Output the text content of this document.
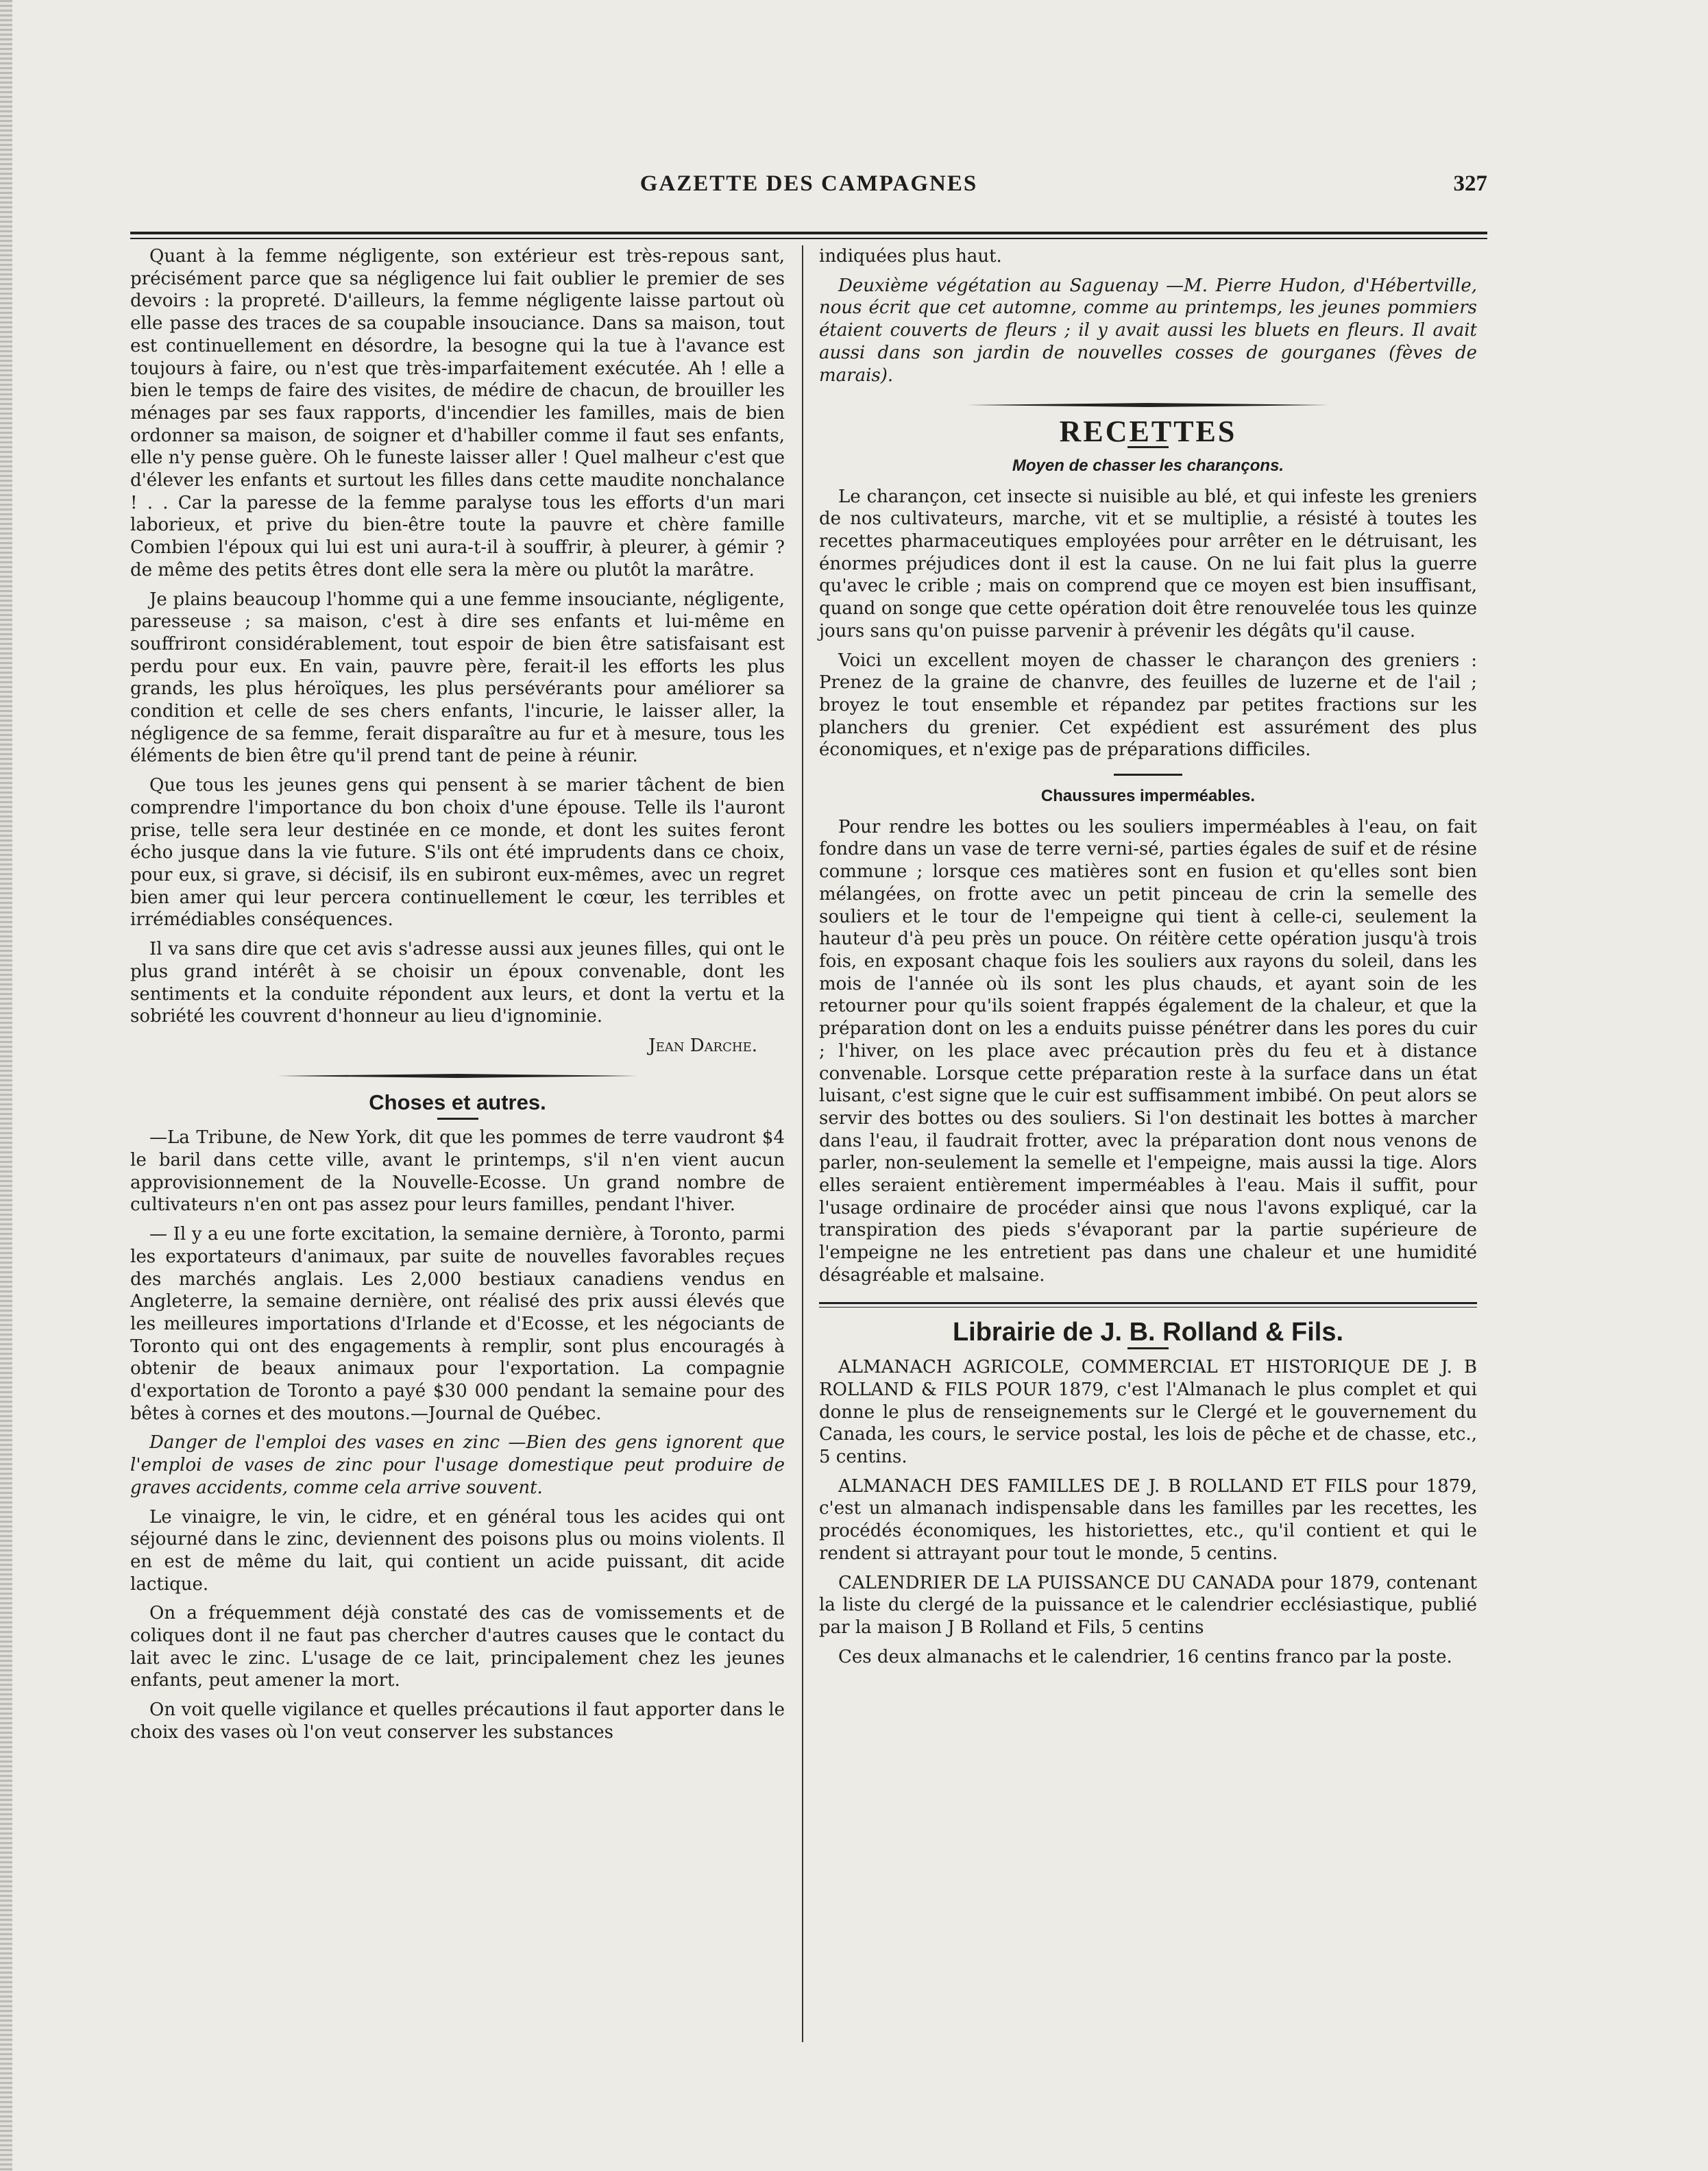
GAZETTE DES CAMPAGNES	327

Quant à la femme négligente, son extérieur est très-repous sant, précisément parce que sa négligence lui fait oublier le premier de ses devoirs : la propreté. D'ailleurs, la femme négligente laisse partout où elle passe des traces de sa coupable insouciance. Dans sa maison, tout est continuellement en désordre, la besogne qui la tue à l'avance est toujours à faire, ou n'est que très-imparfaitement exécutée. Ah ! elle a bien le temps de faire des visites, de médire de chacun, de brouiller les ménages par ses faux rapports, d'incendier les familles, mais de bien ordonner sa maison, de soigner et d'habiller comme il faut ses enfants, elle n'y pense guère. Oh le funeste laisser aller ! Quel malheur c'est que d'élever les enfants et surtout les filles dans cette maudite nonchalance ! . . Car la paresse de la femme paralyse tous les efforts d'un mari laborieux, et prive du bien-être toute la pauvre et chère famille Combien l'époux qui lui est uni aura-t-il à souffrir, à pleurer, à gémir ? de même des petits êtres dont elle sera la mère ou plutôt la marâtre.

Je plains beaucoup l'homme qui a une femme insouciante, négligente, paresseuse ; sa maison, c'est à dire ses enfants et lui-même en souffriront considérablement, tout espoir de bien être satisfaisant est perdu pour eux. En vain, pauvre père, ferait-il les efforts les plus grands, les plus héroïques, les plus persévérants pour améliorer sa condition et celle de ses chers enfants, l'incurie, le laisser aller, la négligence de sa femme, ferait disparaître au fur et à mesure, tous les éléments de bien être qu'il prend tant de peine à réunir.

Que tous les jeunes gens qui pensent à se marier tâchent de bien comprendre l'importance du bon choix d'une épouse. Telle ils l'auront prise, telle sera leur destinée en ce monde, et dont les suites feront écho jusque dans la vie future. S'ils ont été imprudents dans ce choix, pour eux, si grave, si décisif, ils en subiront eux-mêmes, avec un regret bien amer qui leur percera continuellement le cœur, les terribles et irrémédiables conséquences.

Il va sans dire que cet avis s'adresse aussi aux jeunes filles, qui ont le plus grand intérêt à se choisir un époux convenable, dont les sentiments et la conduite répondent aux leurs, et dont la vertu et la sobriété les couvrent d'honneur au lieu d'ignominie.

Jean Darche.

Choses et autres.

—La Tribune, de New York, dit que les pommes de terre vaudront $4 le baril dans cette ville, avant le printemps, s'il n'en vient aucun approvisionnement de la Nouvelle-Ecosse. Un grand nombre de cultivateurs n'en ont pas assez pour leurs familles, pendant l'hiver.

— Il y a eu une forte excitation, la semaine dernière, à Toronto, parmi les exportateurs d'animaux, par suite de nouvelles favorables reçues des marchés anglais. Les 2,000 bestiaux canadiens vendus en Angleterre, la semaine dernière, ont réalisé des prix aussi élevés que les meilleures importations d'Irlande et d'Ecosse, et les négociants de Toronto qui ont des engagements à remplir, sont plus encouragés à obtenir de beaux animaux pour l'exportation. La compagnie d'exportation de Toronto a payé $30 000 pendant la semaine pour des bêtes à cornes et des moutons.—Journal de Québec.

Danger de l'emploi des vases en zinc —Bien des gens ignorent que l'emploi de vases de zinc pour l'usage domestique peut produire de graves accidents, comme cela arrive souvent.

Le vinaigre, le vin, le cidre, et en général tous les acides qui ont séjourné dans le zinc, deviennent des poisons plus ou moins violents. Il en est de même du lait, qui contient un acide puissant, dit acide lactique.

On a fréquemment déjà constaté des cas de vomissements et de coliques dont il ne faut pas chercher d'autres causes que le contact du lait avec le zinc. L'usage de ce lait, principalement chez les jeunes enfants, peut amener la mort.

On voit quelle vigilance et quelles précautions il faut apporter dans le choix des vases où l'on veut conserver les substances

indiquées plus haut.

Deuxième végétation au Saguenay —M. Pierre Hudon, d'Hébertville, nous écrit que cet automne, comme au printemps, les jeunes pommiers étaient couverts de fleurs ; il y avait aussi les bluets en fleurs. Il avait aussi dans son jardin de nouvelles cosses de gourganes (fèves de marais).

RECETTES
Moyen de chasser les charançons.

Le charançon, cet insecte si nuisible au blé, et qui infeste les greniers de nos cultivateurs, marche, vit et se multiplie, a résisté à toutes les recettes pharmaceutiques employées pour arrêter en le détruisant, les énormes préjudices dont il est la cause. On ne lui fait plus la guerre qu'avec le crible ; mais on comprend que ce moyen est bien insuffisant, quand on songe que cette opération doit être renouvelée tous les quinze jours sans qu'on puisse parvenir à prévenir les dégâts qu'il cause.

Voici un excellent moyen de chasser le charançon des greniers : Prenez de la graine de chanvre, des feuilles de luzerne et de l'ail ; broyez le tout ensemble et répandez par petites fractions sur les planchers du grenier. Cet expédient est assurément des plus économiques, et n'exige pas de préparations difficiles.

Chaussures imperméables.

Pour rendre les bottes ou les souliers imperméables à l'eau, on fait fondre dans un vase de terre verni-sé, parties égales de suif et de résine commune ; lorsque ces matières sont en fusion et qu'elles sont bien mélangées, on frotte avec un petit pinceau de crin la semelle des souliers et le tour de l'empeigne qui tient à celle-ci, seulement la hauteur d'à peu près un pouce. On réitère cette opération jusqu'à trois fois, en exposant chaque fois les souliers aux rayons du soleil, dans les mois de l'année où ils sont les plus chauds, et ayant soin de les retourner pour qu'ils soient frappés également de la chaleur, et que la préparation dont on les a enduits puisse pénétrer dans les pores du cuir ; l'hiver, on les place avec précaution près du feu et à distance convenable. Lorsque cette préparation reste à la surface dans un état luisant, c'est signe que le cuir est suffisamment imbibé. On peut alors se servir des bottes ou des souliers. Si l'on destinait les bottes à marcher dans l'eau, il faudrait frotter, avec la préparation dont nous venons de parler, non-seulement la semelle et l'empeigne, mais aussi la tige. Alors elles seraient entièrement imperméables à l'eau. Mais il suffit, pour l'usage ordinaire de procéder ainsi que nous l'avons expliqué, car la transpiration des pieds s'évaporant par la partie supérieure de l'empeigne ne les entretient pas dans une chaleur et une humidité désagréable et malsaine.

Librairie de J. B. Rolland & Fils.

ALMANACH AGRICOLE, COMMERCIAL ET HISTORIQUE DE J. B ROLLAND & FILS POUR 1879, c'est l'Almanach le plus complet et qui donne le plus de renseignements sur le Clergé et le gouvernement du Canada, les cours, le service postal, les lois de pêche et de chasse, etc., 5 centins.

ALMANACH DES FAMILLES DE J. B ROLLAND ET FILS pour 1879, c'est un almanach indispensable dans les familles par les recettes, les procédés économiques, les historiettes, etc., qu'il contient et qui le rendent si attrayant pour tout le monde, 5 centins.

CALENDRIER DE LA PUISSANCE DU CANADA pour 1879, contenant la liste du clergé de la puissance et le calendrier ecclésiastique, publié par la maison J B Rolland et Fils, 5 centins

Ces deux almanachs et le calendrier, 16 centins franco par la poste.
